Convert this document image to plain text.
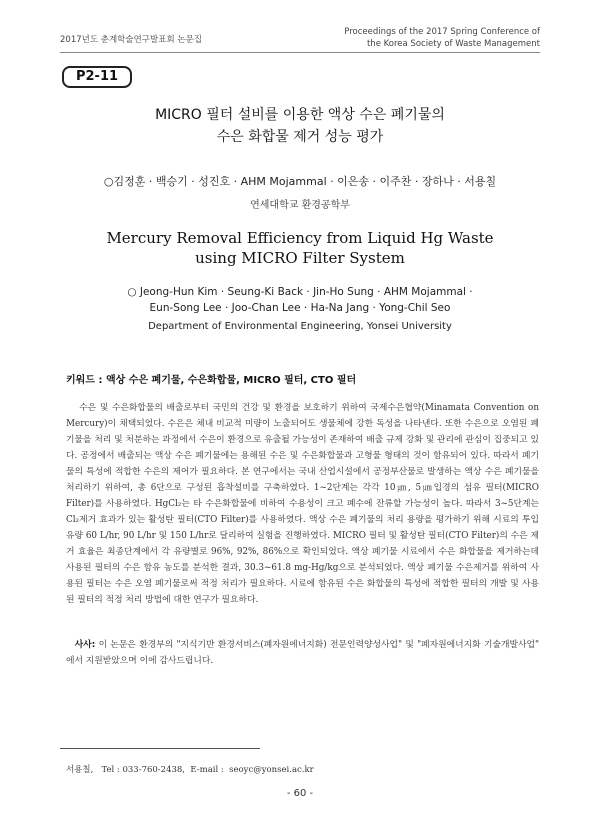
2017년도 춘계학술연구발표회 논문집
Proceedings of the 2017 Spring Conference of
the Korea Society of Waste Management
P2-11
MICRO 필터 설비를 이용한 액상 수은 폐기물의
수은 화합물 제거 성능 평가
○김정훈 · 백승기 · 성진호 · AHM Mojammal · 이은송 · 이주찬 · 장하나 · 서용칠
연세대학교 환경공학부
Mercury Removal Efficiency from Liquid Hg Waste
using MICRO Filter System
○ Jeong-Hun Kim · Seung-Ki Back · Jin-Ho Sung · AHM Mojammal ·
Eun-Song Lee · Joo-Chan Lee · Ha-Na Jang · Yong-Chil Seo
Department of Environmental Engineering, Yonsei University
키워드 : 액상 수은 폐기물, 수은화합물, MICRO 필터, CTO 필터

수은 및 수은화합물의 배출로부터 국민의 건강 및 환경을 보호하기 위하여 국제수은협약(Minamata Convention on Mercury)이 채택되었다. 수은은 체내 비교적 미량이 노출되어도 생물체에 강한 독성을 나타낸다. 또한 수은으로 오염된 폐기물을 처리 및 처분하는 과정에서 수은이 환경으로 유출될 가능성이 존재하여 배출 규제 강화 및 관리에 관심이 집중되고 있다. 공정에서 배출되는 액상 수은 폐기물에는 용해된 수은 및 수은화합물과 고형물 형태의 것이 함유되어 있다. 따라서 폐기물의 특성에 적합한 수은의 제어가 필요하다. 본 연구에서는 국내 산업시설에서 공정부산물로 발생하는 액상 수은 폐기물을 처리하기 위하여, 총 6단으로 구성된 흡착설비를 구축하였다. 1~2단계는 각각 10㎛, 5㎛입경의 섬유 필터(MICRO Filter)를 사용하였다. HgCl₂는 타 수은화합물에 비하여 수용성이 크고 폐수에 잔류할 가능성이 높다. 따라서 3~5단계는 Cl₂제거 효과가 있는 활성탄 필터(CTO Filter)를 사용하였다. 액상 수은 폐기물의 처리 용량을 평가하기 위해 시료의 투입 유량 60 L/hr, 90 L/hr 및 150 L/hr로 달리하여 실험을 진행하였다. MICRO 필터 및 활성탄 필터(CTO Filter)의 수은 제거 효율은 최종단계에서 각 유량별로 96%, 92%, 86%으로 확인되었다. 액상 폐기물 시료에서 수은 화합물을 제거하는데 사용된 필터의 수은 함유 농도를 분석한 결과, 30.3~61.8 mg-Hg/kg으로 분석되었다. 액상 폐기물 수은제거를 위하여 사용된 필터는 수은 오염 폐기물로써 적정 처리가 필요하다. 시료에 함유된 수은 화합물의 특성에 적합한 필터의 개발 및 사용된 필터의 적정 처리 방법에 대한 연구가 필요하다.

사사: 이 논문은 환경부의 "지식기반 환경서비스(폐자원에너지화) 전문인력양성사업" 및 "폐자원에너지화 기술개발사업" 에서 지원받았으며 이에 감사드립니다.

서용칠,   Tel : 033-760-2438,  E-mail :  seoyc@yonsei.ac.kr
- 60 -
